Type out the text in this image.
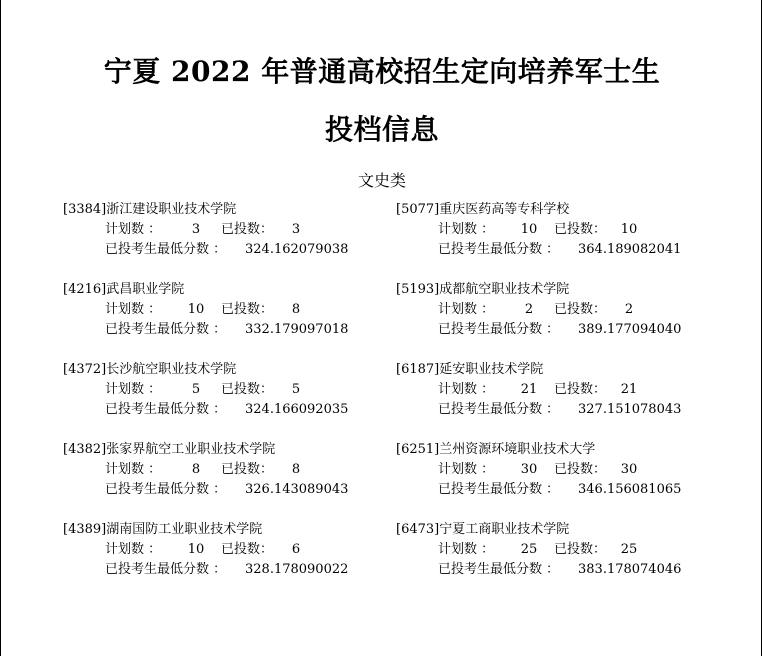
宁夏 2022 年普通高校招生定向培养军士生
投档信息
文史类
[3384]浙江建设职业技术学院
计划数 ：	3	已投数：	3
已投考生最低分数 ： 324.162079038
[4216]武昌职业学院
计划数 ：	10	已投数：	8
已投考生最低分数 ： 332.179097018
[4372]长沙航空职业技术学院
计划数 ：	5	已投数：	5
已投考生最低分数 ： 324.166092035
[4382]张家界航空工业职业技术学院
计划数 ：	8	已投数：	8
已投考生最低分数 ： 326.143089043
[4389]湖南国防工业职业技术学院
计划数 ：	10	已投数：	6
已投考生最低分数 ： 328.178090022
[5077]重庆医药高等专科学校
计划数 ：	10	已投数：	10
已投考生最低分数 ： 364.189082041
[5193]成都航空职业技术学院
计划数 ：	2	已投数：	2
已投考生最低分数 ： 389.177094040
[6187]延安职业技术学院
计划数 ：	21	已投数：	21
已投考生最低分数 ： 327.151078043
[6251]兰州资源环境职业技术大学
计划数 ：	30	已投数：	30
已投考生最低分数 ： 346.156081065
[6473]宁夏工商职业技术学院
计划数 ：	25	已投数：	25
已投考生最低分数 ： 383.178074046
